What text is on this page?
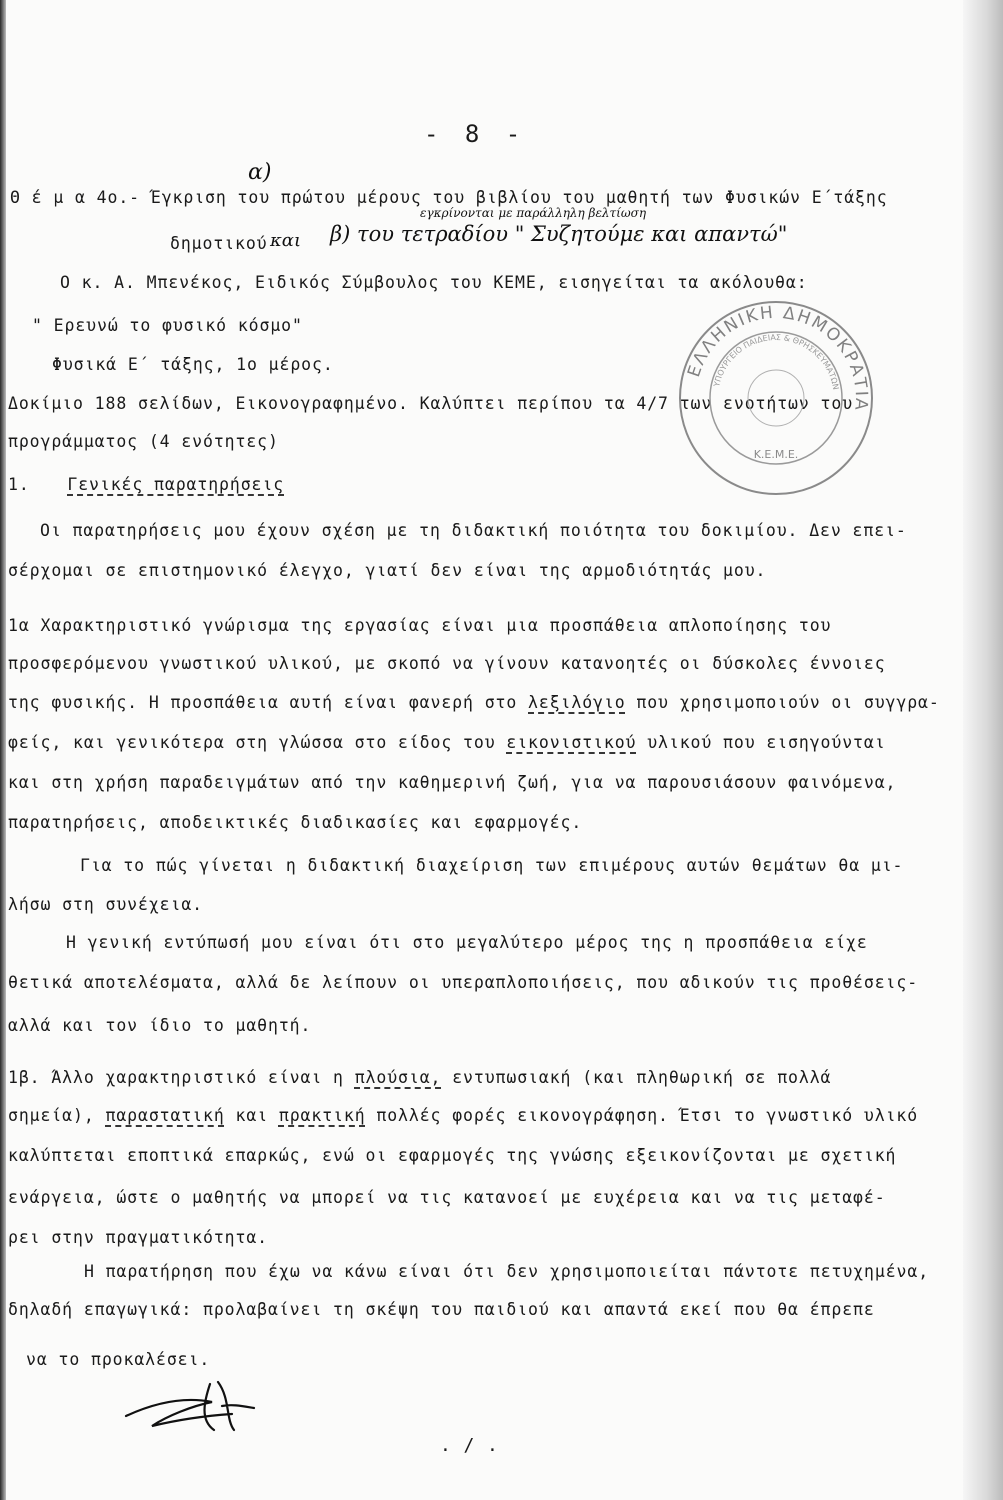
- 8 -
α)
Θ έ μ α 4ο.- Έγκριση του πρώτου μέρους του βιβλίου του μαθητή των Φυσικών Ε΄τάξης
εγκρίνονται με παράλληλη βελτίωση
δημοτικού και β) του τετραδίου " Συζητούμε και απαντώ"
Ο κ. Α. Μπενέκος, Ειδικός Σύμβουλος του ΚΕΜΕ, εισηγείται τα ακόλουθα:
" Ερευνώ το φυσικό κόσμο"
Φυσικά Ε΄ τάξης, 1ο μέρος.
Δοκίμιο 188 σελίδων, Εικονογραφημένο. Καλύπτει περίπου τα 4/7 των ενοτήτων του
προγράμματος (4 ενότητες)
1. Γενικές παρατηρήσεις
Οι παρατηρήσεις μου έχουν σχέση με τη διδακτική ποιότητα του δοκιμίου. Δεν επει-
σέρχομαι σε επιστημονικό έλεγχο, γιατί δεν είναι της αρμοδιότητάς μου.
1α Χαρακτηριστικό γνώρισμα της εργασίας είναι μια προσπάθεια απλοποίησης του
προσφερόμενου γνωστικού υλικού, με σκοπό να γίνουν κατανοητές οι δύσκολες έννοιες
της φυσικής. Η προσπάθεια αυτή είναι φανερή στο λεξιλόγιο που χρησιμοποιούν οι συγγρα-
φείς, και γενικότερα στη γλώσσα στο είδος του εικονιστικού υλικού που εισηγούνται
και στη χρήση παραδειγμάτων από την καθημερινή ζωή, για να παρουσιάσουν φαινόμενα,
παρατηρήσεις, αποδεικτικές διαδικασίες και εφαρμογές.
Για το πώς γίνεται η διδακτική διαχείριση των επιμέρους αυτών θεμάτων θα μι-
λήσω στη συνέχεια.
Η γενική εντύπωσή μου είναι ότι στο μεγαλύτερο μέρος της η προσπάθεια είχε
θετικά αποτελέσματα, αλλά δε λείπουν οι υπεραπλοποιήσεις, που αδικούν τις προθέσεις-
αλλά και τον ίδιο το μαθητή.
1β. Άλλο χαρακτηριστικό είναι η πλούσια, εντυπωσιακή (και πληθωρική σε πολλά
σημεία), παραστατική και πρακτική πολλές φορές εικονογράφηση. Έτσι το γνωστικό υλικό
καλύπτεται εποπτικά επαρκώς, ενώ οι εφαρμογές της γνώσης εξεικονίζονται με σχετική
ενάργεια, ώστε ο μαθητής να μπορεί να τις κατανοεί με ευχέρεια και να τις μεταφέ-
ρει στην πραγματικότητα.
Η παρατήρηση που έχω να κάνω είναι ότι δεν χρησιμοποιείται πάντοτε πετυχημένα,
δηλαδή επαγωγικά: προλαβαίνει τη σκέψη του παιδιού και απαντά εκεί που θα έπρεπε
να το προκαλέσει.
. / .
ΕΛΛΗΝΙΚΗ ΔΗΜΟΚΡΑΤΙΑ
ΥΠΟΥΡΓΕΙΟ ΠΑΙΔΕΙΑΣ & ΘΡΗΣΚΕΥΜΑΤΩΝ
Κ.Ε.Μ.Ε.
